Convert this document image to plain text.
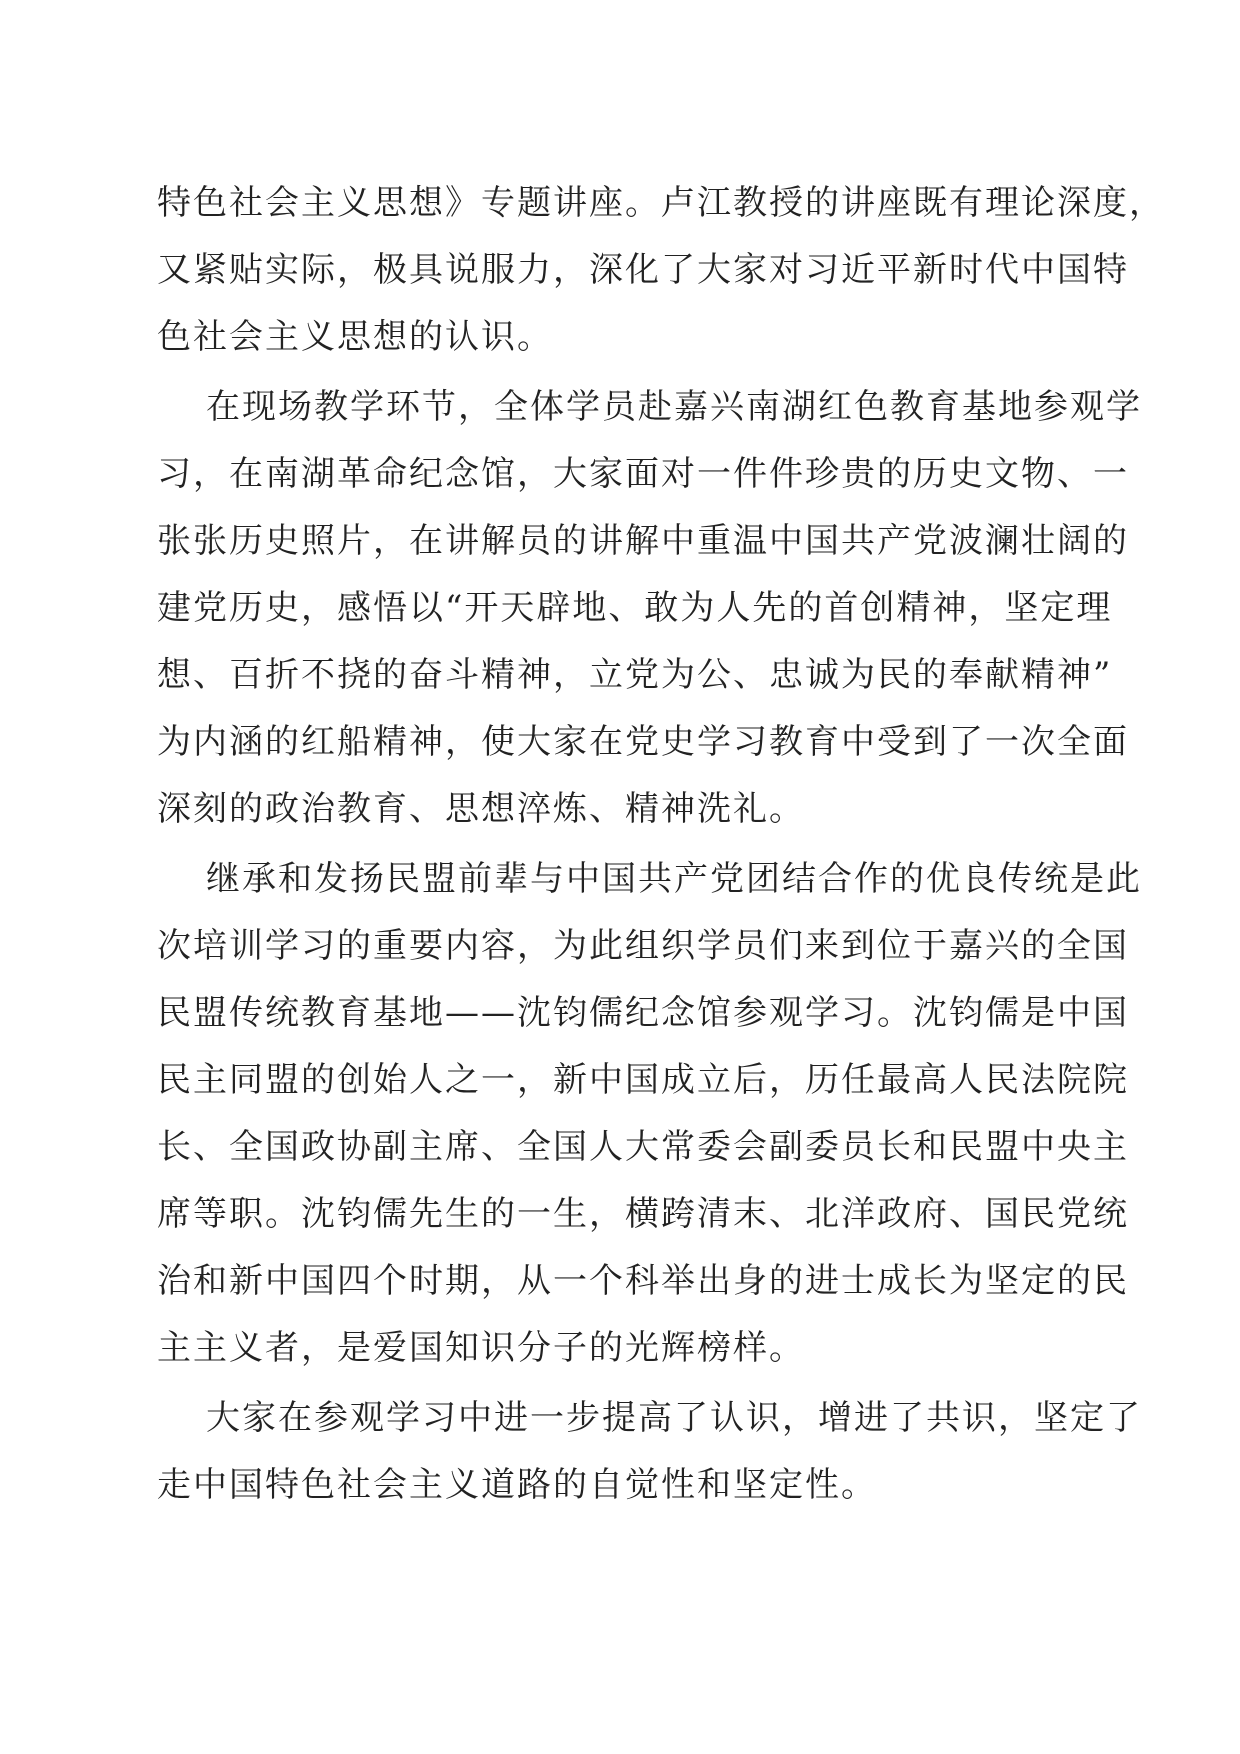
特色社会主义思想》专题讲座。卢江教授的讲座既有理论深度，
又紧贴实际，极具说服力，深化了大家对习近平新时代中国特
色社会主义思想的认识。
在现场教学环节，全体学员赴嘉兴南湖红色教育基地参观学
习，在南湖革命纪念馆，大家面对一件件珍贵的历史文物、一
张张历史照片，在讲解员的讲解中重温中国共产党波澜壮阔的
建党历史，感悟以“开天辟地、敢为人先的首创精神，坚定理
想、百折不挠的奋斗精神，立党为公、忠诚为民的奉献精神”
为内涵的红船精神，使大家在党史学习教育中受到了一次全面
深刻的政治教育、思想淬炼、精神洗礼。
继承和发扬民盟前辈与中国共产党团结合作的优良传统是此
次培训学习的重要内容，为此组织学员们来到位于嘉兴的全国
民盟传统教育基地——沈钧儒纪念馆参观学习。沈钧儒是中国
民主同盟的创始人之一，新中国成立后，历任最高人民法院院
长、全国政协副主席、全国人大常委会副委员长和民盟中央主
席等职。沈钧儒先生的一生，横跨清末、北洋政府、国民党统
治和新中国四个时期，从一个科举出身的进士成长为坚定的民
主主义者，是爱国知识分子的光辉榜样。
大家在参观学习中进一步提高了认识，增进了共识，坚定了
走中国特色社会主义道路的自觉性和坚定性。
